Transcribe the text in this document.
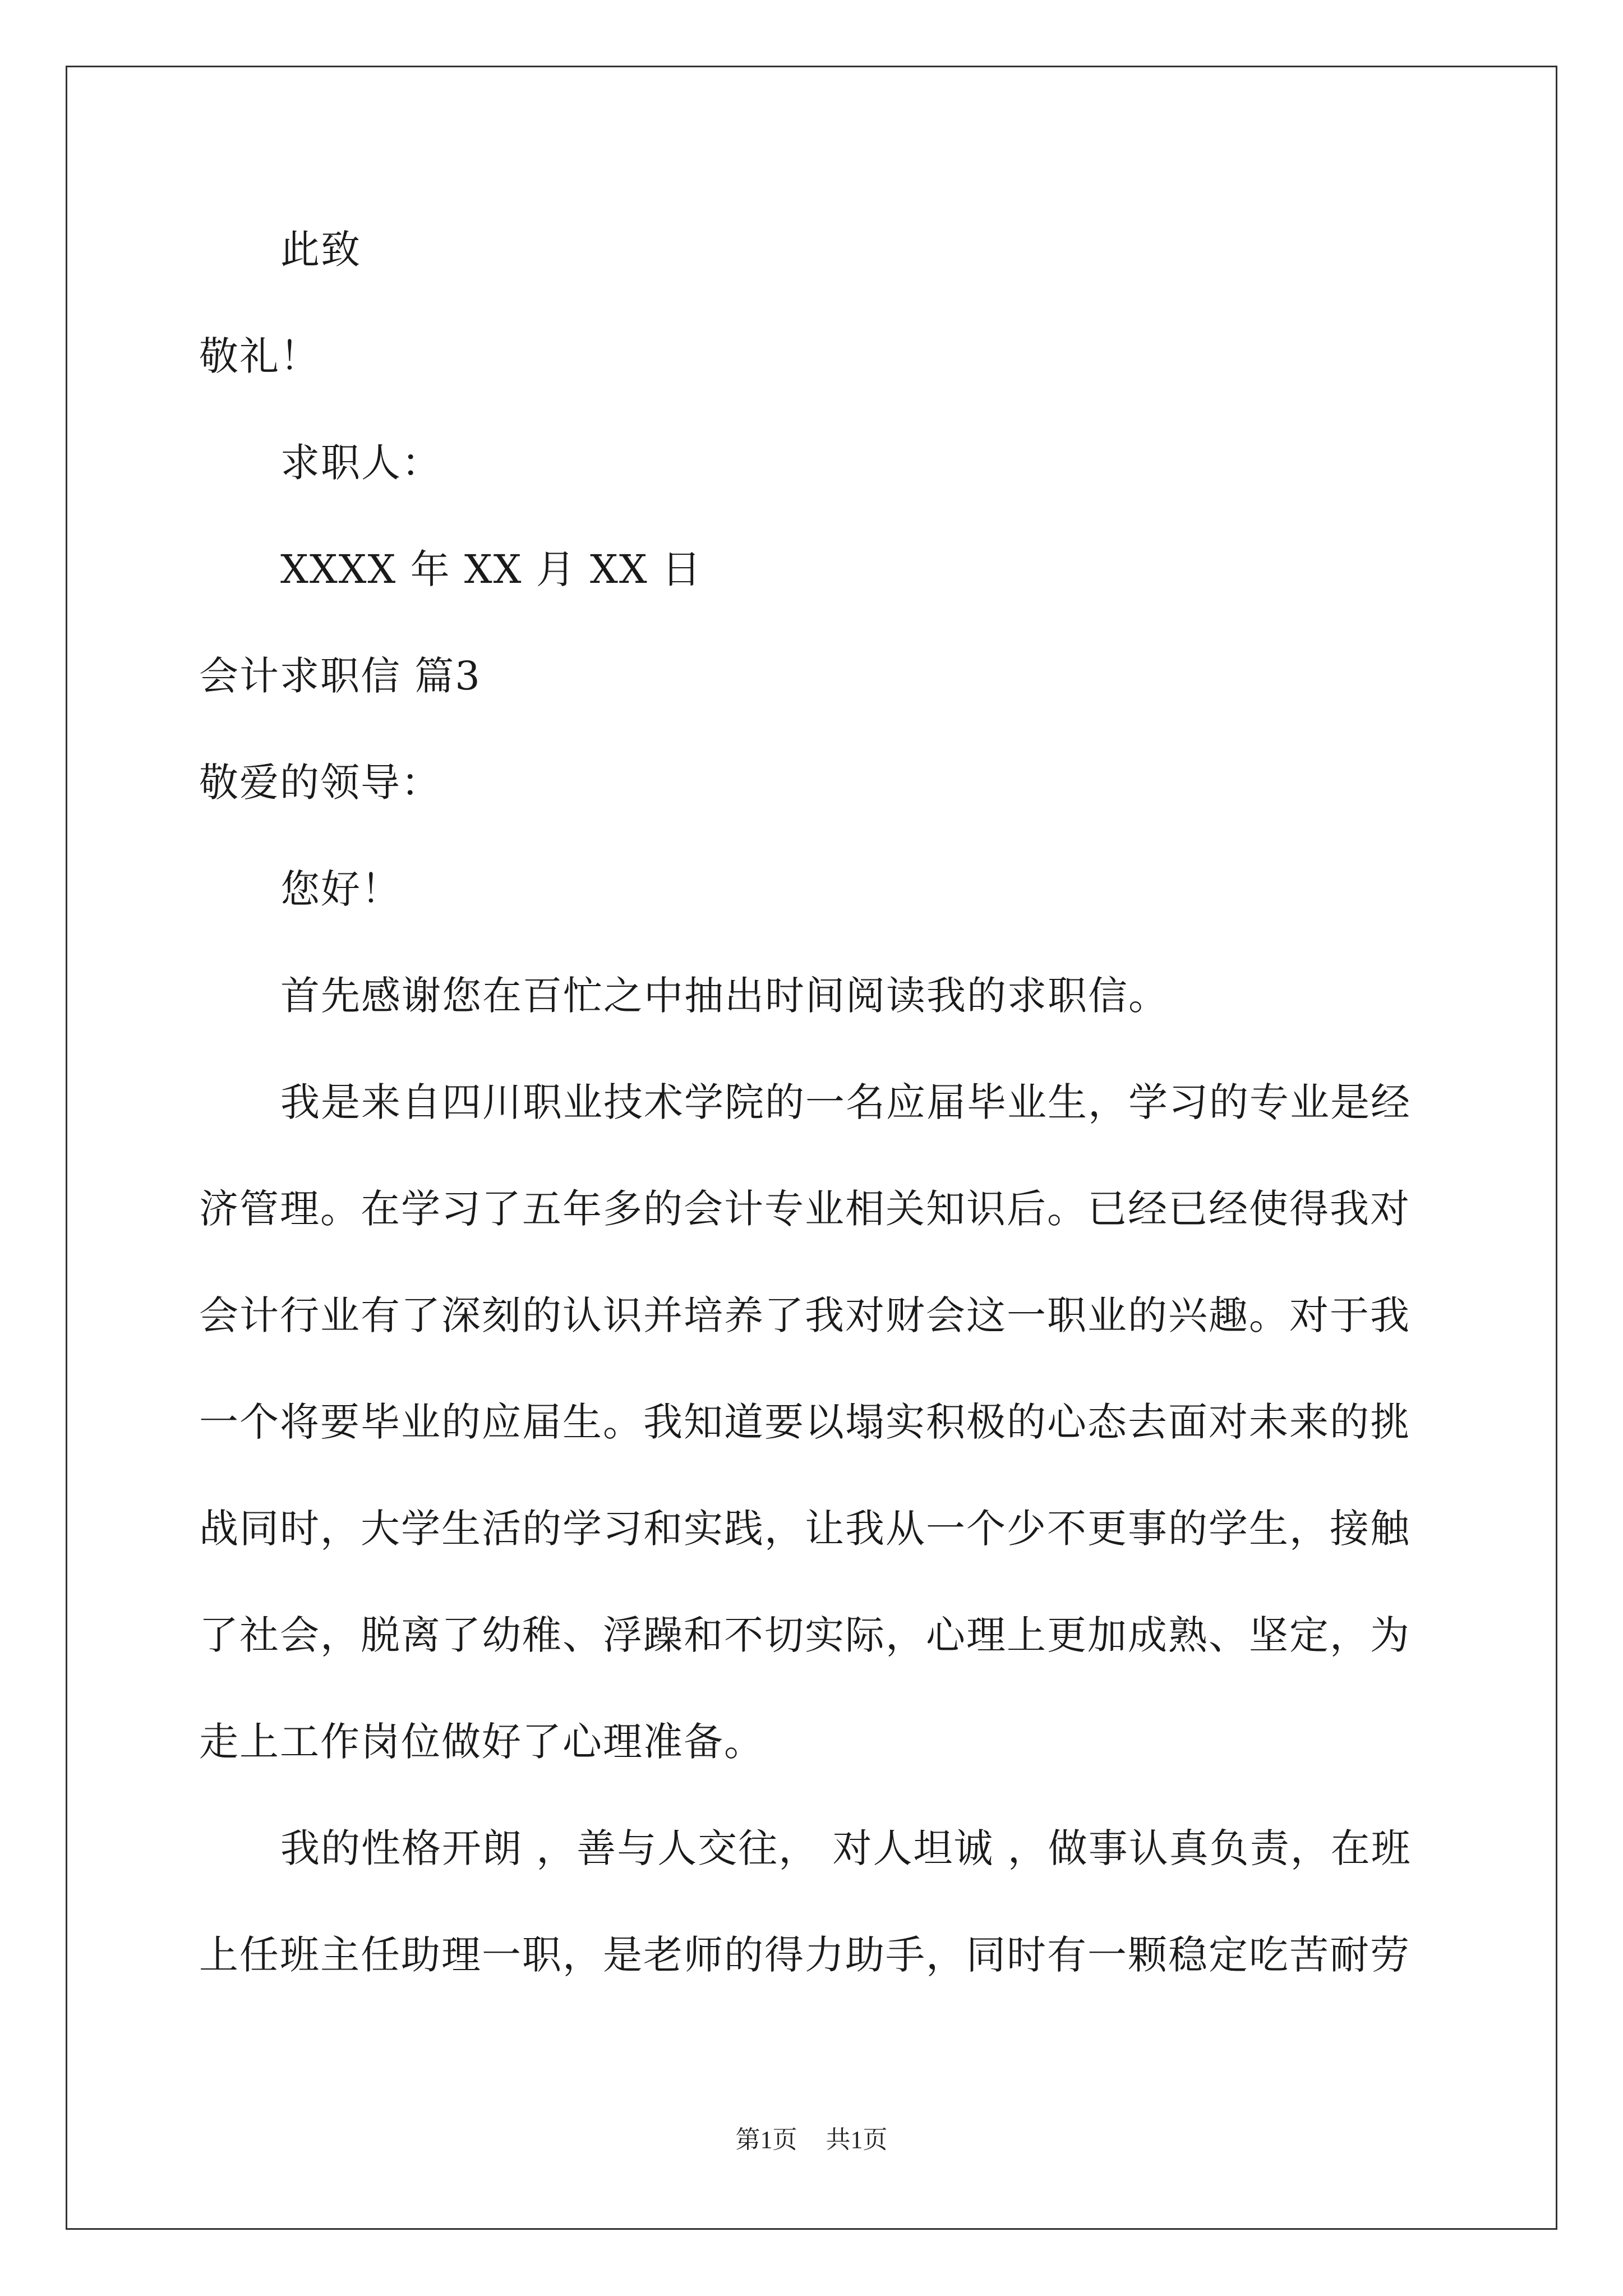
此致
敬礼！
求职人：
XXXX 年 XX 月 XX 日
会计求职信 篇3
敬爱的领导：
您好！
首先感谢您在百忙之中抽出时间阅读我的求职信。
我是来自四川职业技术学院的一名应届毕业生，学习的专业是经
济管理。在学习了五年多的会计专业相关知识后。已经已经使得我对
会计行业有了深刻的认识并培养了我对财会这一职业的兴趣。对于我
一个将要毕业的应届生。我知道要以塌实积极的心态去面对未来的挑
战同时，大学生活的学习和实践，让我从一个少不更事的学生，接触
了社会，脱离了幼稚、浮躁和不切实际，心理上更加成熟、坚定，为
走上工作岗位做好了心理准备。
我的性格开朗 ，善与人交往， 对人坦诚 ，做事认真负责，在班
上任班主任助理一职，是老师的得力助手，同时有一颗稳定吃苦耐劳
第1页 共1页
